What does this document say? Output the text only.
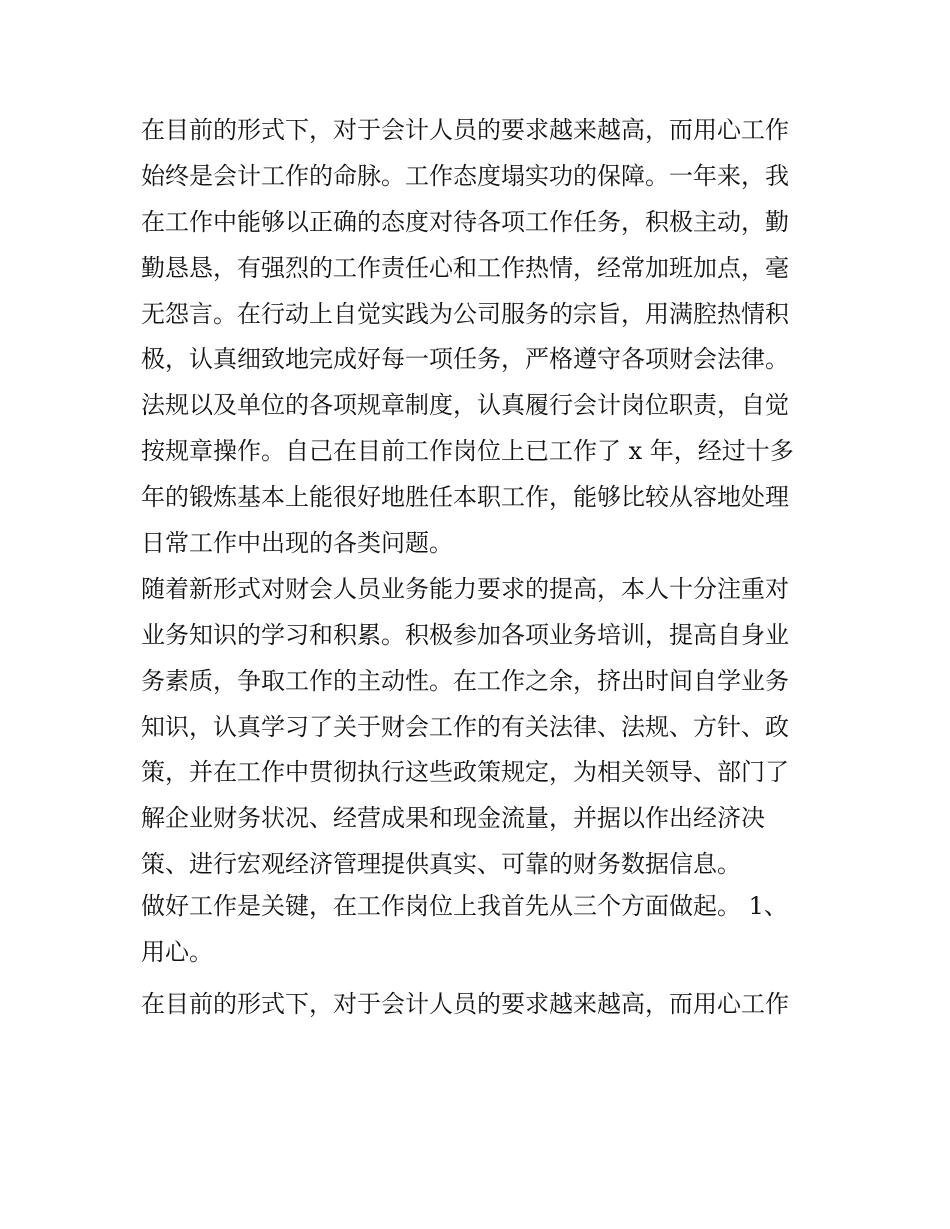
在目前的形式下，对于会计人员的要求越来越高，而用心工作
始终是会计工作的命脉。工作态度塌实功的保障。一年来，我
在工作中能够以正确的态度对待各项工作任务，积极主动，勤
勤恳恳，有强烈的工作责任心和工作热情，经常加班加点，毫
无怨言。在行动上自觉实践为公司服务的宗旨，用满腔热情积
极，认真细致地完成好每一项任务，严格遵守各项财会法律。
法规以及单位的各项规章制度，认真履行会计岗位职责，自觉
按规章操作。自己在目前工作岗位上已工作了 x 年，经过十多
年的锻炼基本上能很好地胜任本职工作，能够比较从容地处理
日常工作中出现的各类问题。
随着新形式对财会人员业务能力要求的提高，本人十分注重对
业务知识的学习和积累。积极参加各项业务培训，提高自身业
务素质，争取工作的主动性。在工作之余，挤出时间自学业务
知识，认真学习了关于财会工作的有关法律、法规、方针、政
策，并在工作中贯彻执行这些政策规定，为相关领导、部门了
解企业财务状况、经营成果和现金流量，并据以作出经济决
策、进行宏观经济管理提供真实、可靠的财务数据信息。
做好工作是关键，在工作岗位上我首先从三个方面做起。 1、
用心。
在目前的形式下，对于会计人员的要求越来越高，而用心工作
